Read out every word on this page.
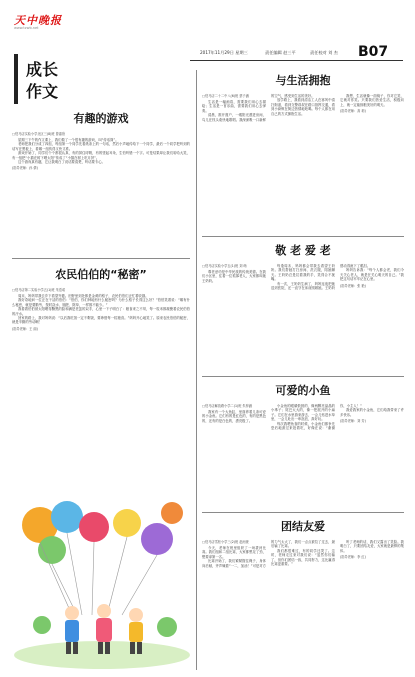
天中晚报
www.tzwb.net
2017年11月29日 星期三	责任编辑 赵三平	责任校对 刘 杰 B07
成长
作文
有趣的游戏
□驻马店实验小学北区三(8)班 曾嘉欣

星期三下午的作文课上，我们做了一个很有趣的游戏，叫“传话筒”。

老师把我们分成了四组，每组第一个同学先看纸条上的一句话，然后小声地传给下一个同学，最后一个同学把听到的话写在黑板上，看哪一组传得又快又准。

游戏开始了，同学们个个都很认真，有的屏住呼吸，有的竖起耳朵，生怕听错一个字。可是结果却让我们哈哈大笑，有一组把“小猫在树下晒太阳”传成了“小猫在树上吃月饼”。

这个游戏真有趣，它让我明白了说话要清楚，听话要专心。

(指导老师：孙 倩)
农民伯伯的“秘密”
□驻马店第二实验小学五(1)班 朱语诺

周末，妈妈带我去乡下看望外婆。田野里到处都是金黄的稻子，农民伯伯们正忙着收割。

我好奇地问一位正在干活的伯伯：“伯伯，你们种地有什么秘密吗？为什么稻子长得这么好？”伯伯笑着说：“哪有什么秘密，就是要勤劳，按时浇水、施肥、除草，一样都不能少。”

我看着伯伯被太阳晒得黝黑的脸和满是老茧的双手，心里一下子明白了：粮食来之不易，每一粒米都凝聚着农民伯伯的汗水。

回家的路上，我对妈妈说：“以后我吃饭一定不剩饭，要珍惜每一粒粮食。”妈妈开心地笑了。原来农民伯伯的秘密，就是辛勤的劳动啊！

(指导老师：王 丽)
与生活拥抱
□驻马店二十二中八(6)班 蔡子涵

生活是一幅画卷，需要我们用心去描绘；生活是一首乐曲，需要我们用心去弹奏。

清晨，推开窗户，一缕阳光洒进房间，鸟儿在枝头欢快地歌唱。我深深吸一口新鲜的空气，感受到生活的美好。

放学路上，我看到清洁工人在寒风中清扫街道，看到交警叔叔在路口指挥交通，看到小商贩在街边热情地吆喝。每个人都在用自己的方式拥抱生活。

我想，生活就像一面镜子，你对它笑，它就对你笑。只要我们热爱生活，积极向上，就一定能拥抱美好的明天。

(指导老师：高 莉)
敬 老 爱 老
□驻马店实验小学五(1)班 刘 萌

尊老爱幼是中华民族的传统美德。在我们小区里，住着一位孤寡老人，大家都叫她王奶奶。

每逢周末，妈妈都会带我去看望王奶奶。我们帮她打扫房间、洗衣服，陪她聊天。王奶奶总是拉着我的手，笑得合不拢嘴。

有一次，王奶奶生病了，妈妈连夜把她送到医院，还一直守在床前照顾她。王奶奶感动得流下了眼泪。

妈妈告诉我：“每个人都会老，我们今天关心老人，就是在关心明天的自己。”我把这句话牢牢记在心里。

(指导老师：张 艳)
可爱的小鱼
□驻马店解放路小学二(1)班 朱梓涵

我家有一个大鱼缸，里面养着几条可爱的小金鱼。它们有的是红色的，有的是黑色的，还有的是白色的，漂亮极了。

小金鱼的眼睛鼓鼓的，像两颗亮晶晶的小珠子；尾巴大大的，像一把展开的小扇子。它们在水里游来游去，一会儿钻进水草里，一会儿吐出一串泡泡，真好玩。

每次我喂鱼食的时候，小金鱼们都争先恐后地游过来抢着吃，好像在说：“谢谢你，小主人！”

我爱我家的小金鱼，它们给我带来了许多快乐。

(指导老师：刘 芳)
团结友爱
□驻马店雪松小学三(2)班 赵雨萱

今天，老师在班里组织了一场拔河比赛。我们组和二组比赛，大家都憋足了劲，想要拿第一名。

比赛开始了，我们紧紧握住绳子，身体向后倾，齐声喊着“一二，加油！”可是对方的力气太大了，我们一点点被拉了过去，最后输了比赛。

我们都很难过，有的同学还哭了。这时，老师走过来对我们说：“虽然你们输了，但你们团结一致，共同努力，这比赢得比赛更重要。”

听了老师的话，我们又露出了笑脸。我明白了，只要团结友爱，大家就是最棒的集体。

(指导老师：李 红)
